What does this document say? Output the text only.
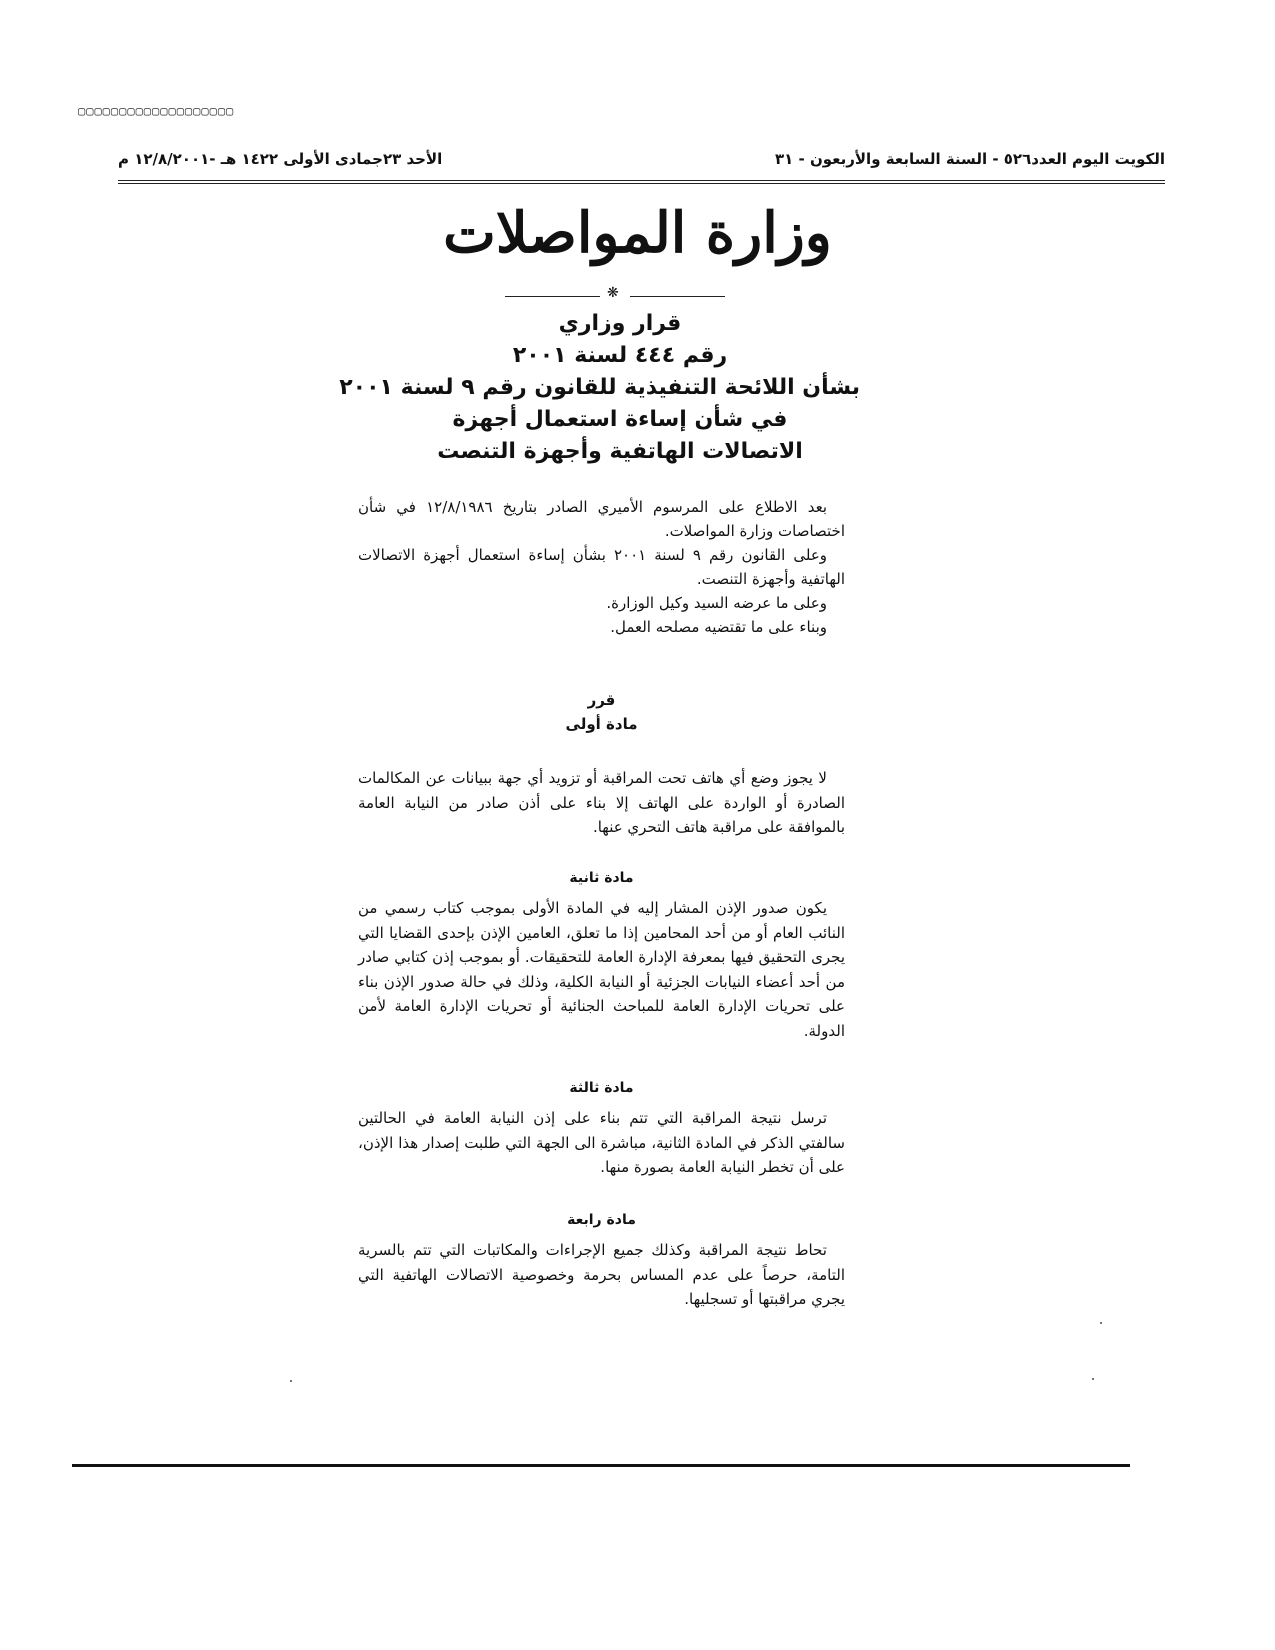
▢▢▢▢▢▢▢▢▢▢▢▢▢▢▢▢▢▢▢
الكويت اليوم العدد٥٢٦ - السنة السابعة والأربعون - ٣١
الأحد ٢٣جمادى الأولى ١٤٢٢ هـ -١٢/٨/٢٠٠١ م
وزارة المواصلات
❋
قرار وزاري
رقم ٤٤٤ لسنة ٢٠٠١
بشأن اللائحة التنفيذية للقانون رقم ٩ لسنة ٢٠٠١
في شأن إساءة استعمال أجهزة
الاتصالات الهاتفية وأجهزة التنصت

بعد الاطلاع على المرسوم الأميري الصادر بتاريخ ١٢/٨/١٩٨٦ في شأن اختصاصات وزارة المواصلات.

وعلى القانون رقم ٩ لسنة ٢٠٠١ بشأن إساءة استعمال أجهزة الاتصالات الهاتفية وأجهزة التنصت.

وعلى ما عرضه السيد وكيل الوزارة.

وبناء على ما تقتضيه مصلحه العمل.

قرر
مادة أولى

لا يجوز وضع أي هاتف تحت المراقبة أو تزويد أي جهة ببيانات عن المكالمات الصادرة أو الواردة على الهاتف إلا بناء على أذن صادر من النيابة العامة بالموافقة على مراقبة هاتف التحري عنها.

مادة ثانية

يكون صدور الإذن المشار إليه في المادة الأولى بموجب كتاب رسمي من النائب العام أو من أحد المحامين إذا ما تعلق، العامين الإذن بإحدى القضايا التي يجرى التحقيق فيها بمعرفة الإدارة العامة للتحقيقات. أو بموجب إذن كتابي صادر من أحد أعضاء النيابات الجزئية أو النيابة الكلية، وذلك في حالة صدور الإذن بناء على تحريات الإدارة العامة للمباحث الجنائية أو تحريات الإدارة العامة لأمن الدولة.

مادة ثالثة

ترسل نتيجة المراقبة التي تتم بناء على إذن النيابة العامة في الحالتين سالفتي الذكر في المادة الثانية، مباشرة الى الجهة التي طلبت إصدار هذا الإذن، على أن تخطر النيابة العامة بصورة منها.

مادة رابعة

تحاط نتيجة المراقبة وكذلك جميع الإجراءات والمكاتبات التي تتم بالسرية التامة، حرصاً على عدم المساس بحرمة وخصوصية الاتصالات الهاتفية التي يجري مراقبتها أو تسجليها.
